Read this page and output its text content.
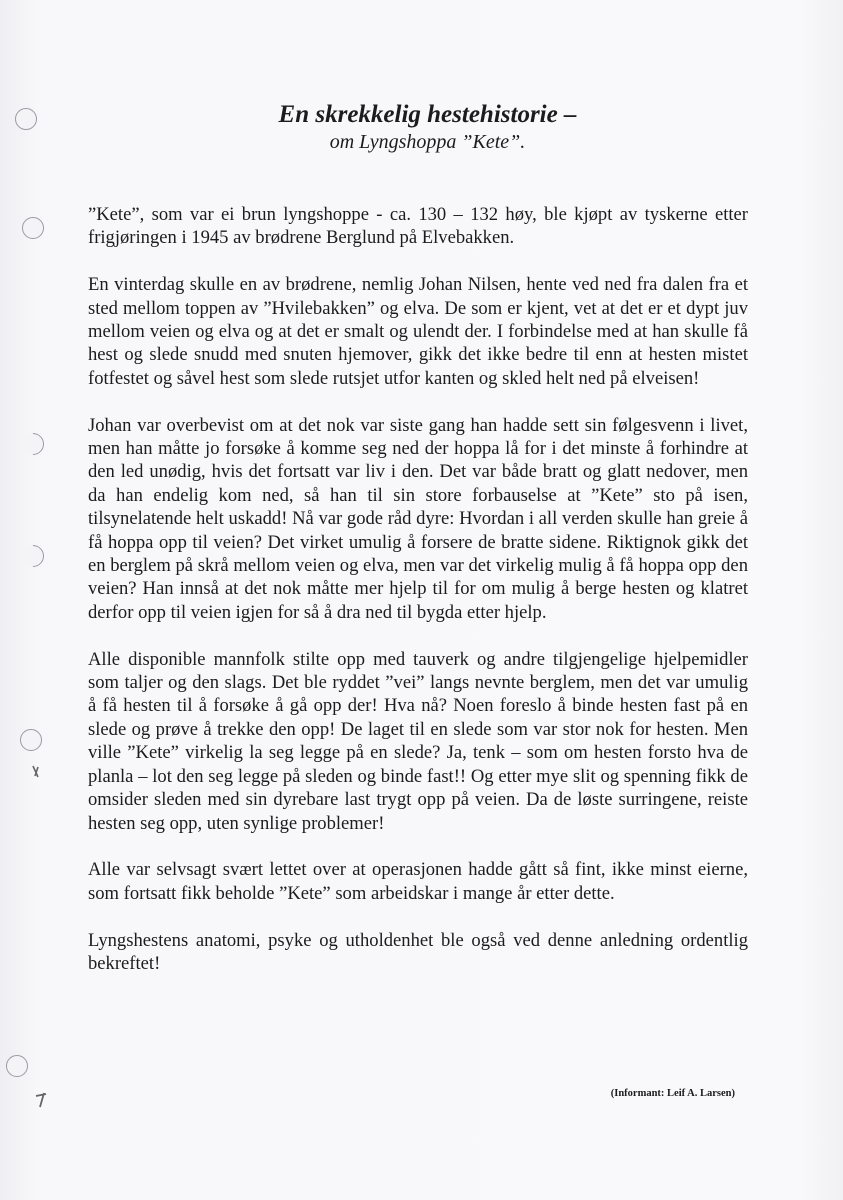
En skrekkelig hestehistorie –

om Lyngshoppa ”Kete”.

”Kete”, som var ei brun lyngshoppe - ca. 130 – 132 høy, ble kjøpt av tyskerne etter frigjøringen i 1945 av brødrene Berglund på Elvebakken.

En vinterdag skulle en av brødrene, nemlig Johan Nilsen, hente ved ned fra dalen fra et sted mellom toppen av ”Hvilebakken” og elva. De som er kjent, vet at det er et dypt juv mellom veien og elva og at det er smalt og ulendt der. I forbindelse med at han skulle få hest og slede snudd med snuten hjemover, gikk det ikke bedre til enn at hesten mistet fotfestet og såvel hest som slede rutsjet utfor kanten og skled helt ned på elveisen!

Johan var overbevist om at det nok var siste gang han hadde sett sin følgesvenn i livet, men han måtte jo forsøke å komme seg ned der hoppa lå for i det minste å forhindre at den led unødig, hvis det fortsatt var liv i den. Det var både bratt og glatt nedover, men da han endelig kom ned, så han til sin store forbauselse at ”Kete” sto på isen, tilsynelatende helt uskadd! Nå var gode råd dyre: Hvordan i all verden skulle han greie å få hoppa opp til veien? Det virket umulig å forsere de bratte sidene. Riktignok gikk det en berglem på skrå mellom veien og elva, men var det virkelig mulig å få hoppa opp den veien? Han innså at det nok måtte mer hjelp til for om mulig å berge hesten og klatret derfor opp til veien igjen for så å dra ned til bygda etter hjelp.

Alle disponible mannfolk stilte opp med tauverk og andre tilgjengelige hjelpemidler som taljer og den slags. Det ble ryddet ”vei” langs nevnte berglem, men det var umulig å få hesten til å forsøke å gå opp der! Hva nå? Noen foreslo å binde hesten fast på en slede og prøve å trekke den opp! De laget til en slede som var stor nok for hesten. Men ville ”Kete” virkelig la seg legge på en slede? Ja, tenk – som om hesten forsto hva de planla – lot den seg legge på sleden og binde fast!! Og etter mye slit og spenning fikk de omsider sleden med sin dyrebare last trygt opp på veien. Da de løste surringene, reiste hesten seg opp, uten synlige problemer!

Alle var selvsagt svært lettet over at operasjonen hadde gått så fint, ikke minst eierne, som fortsatt fikk beholde ”Kete” som arbeidskar i mange år etter dette.

Lyngshestens anatomi, psyke og utholdenhet ble også ved denne anledning ordentlig bekreftet!

(Informant: Leif A. Larsen)
